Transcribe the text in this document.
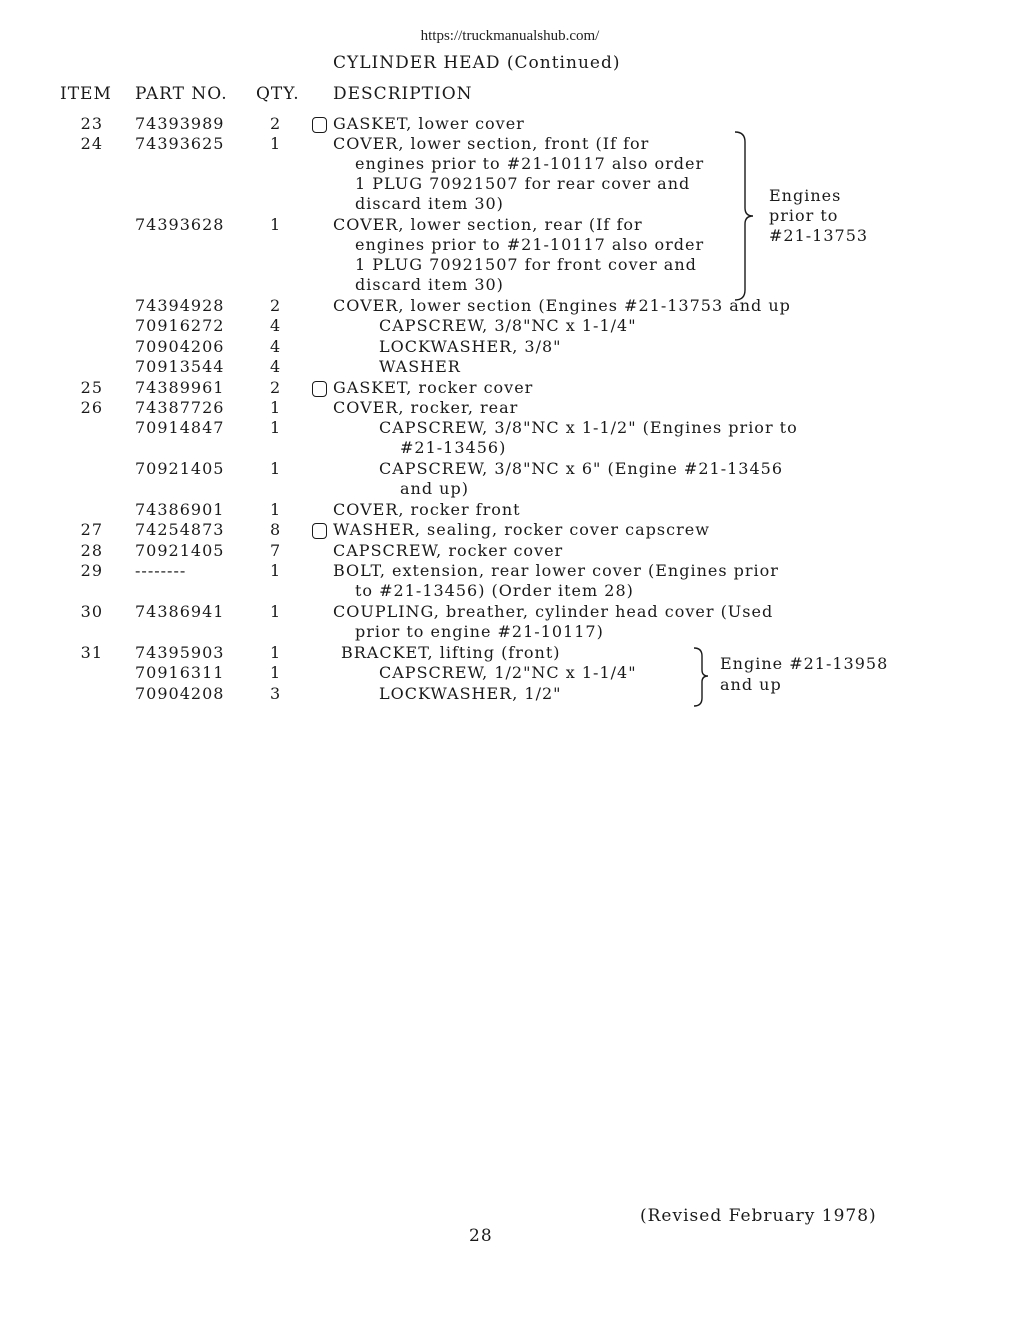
https://truckmanualshub.com/
CYLINDER HEAD (Continued)
ITEM PART NO. QTY. DESCRIPTION
23 74393989	2	GASKET, lower cover
24 74393625	1	COVER, lower section, front (If for
engines prior to #21-10117 also order
1 PLUG 70921507 for rear cover and
discard item 30)
74393628	1	COVER, lower section, rear (If for
engines prior to #21-10117 also order
1 PLUG 70921507 for front cover and
discard item 30)
74394928	2	COVER, lower section (Engines #21-13753 and up
70916272	4	CAPSCREW, 3/8"NC x 1-1/4"
70904206	4	LOCKWASHER, 3/8"
70913544	4	WASHER
25 74389961	2	GASKET, rocker cover
26 74387726	1	COVER, rocker, rear
70914847	1	CAPSCREW, 3/8"NC x 1-1/2" (Engines prior to
#21-13456)
70921405	1	CAPSCREW, 3/8"NC x 6" (Engine #21-13456
and up)
74386901	1	COVER, rocker front
27 74254873	8	WASHER, sealing, rocker cover capscrew
28 70921405	7	CAPSCREW, rocker cover
29 --------	1	BOLT, extension, rear lower cover (Engines prior
to #21-13456) (Order item 28)
30 74386941	1	COUPLING, breather, cylinder head cover (Used
prior to engine #21-10117)
31 74395903	1	BRACKET, lifting (front)
70916311	1	CAPSCREW, 1/2"NC x 1-1/4"
70904208	3	LOCKWASHER, 1/2"
Engines
prior to
#21-13753
Engine #21-13958
and up
(Revised February 1978)
28
